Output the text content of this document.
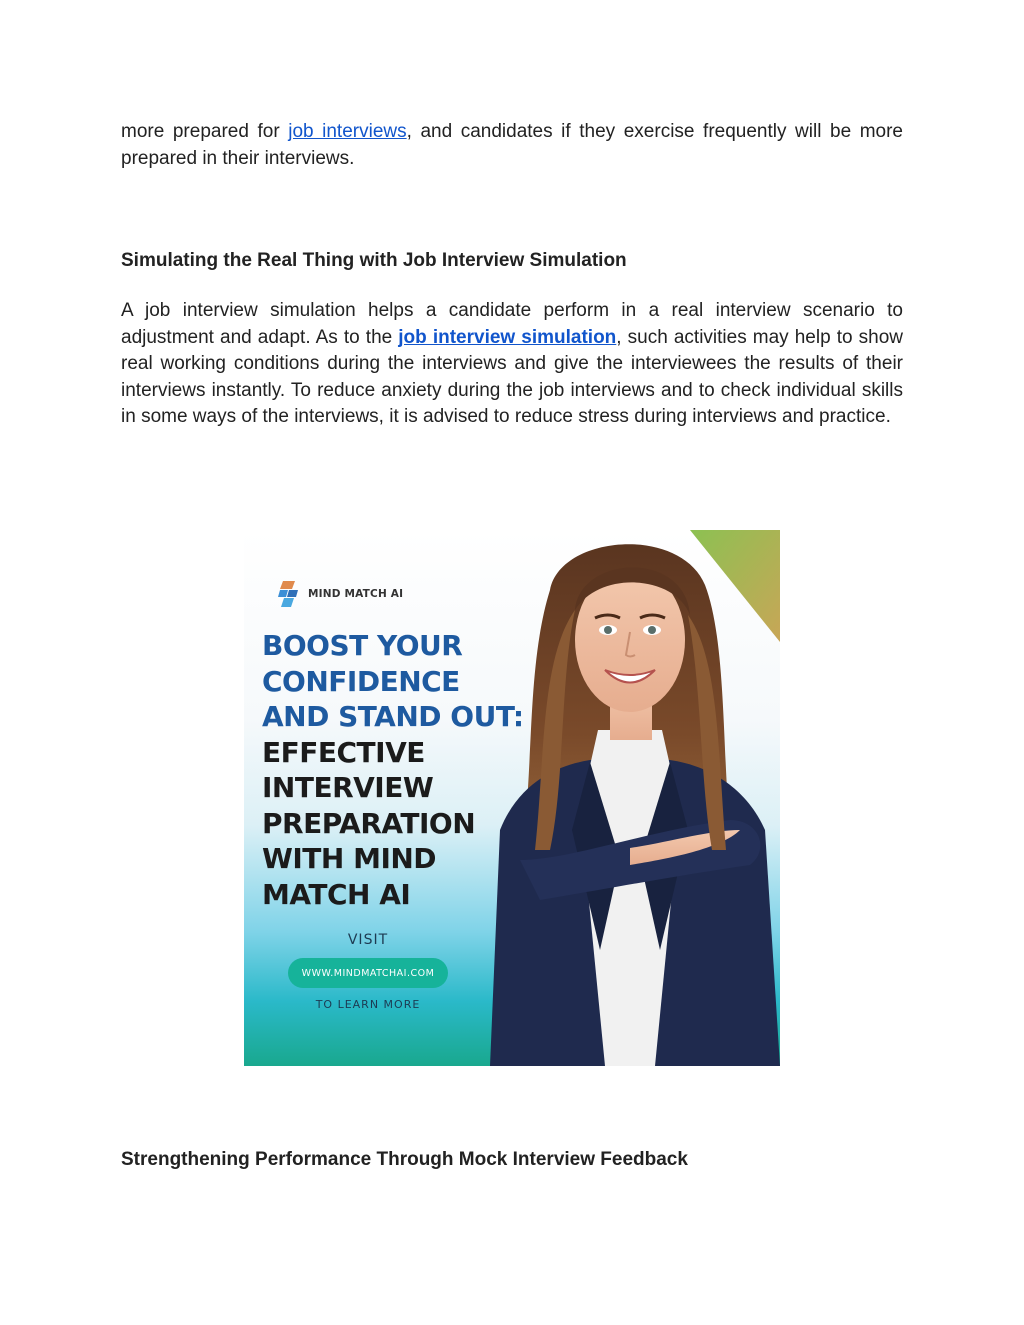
more prepared for job interviews, and candidates if they exercise frequently will be more prepared in their interviews.

Simulating the Real Thing with Job Interview Simulation

A job interview simulation helps a candidate perform in a real interview scenario to adjustment and adapt. As to the job interview simulation, such activities may help to show real working conditions during the interviews and give the interviewees the results of their interviews instantly. To reduce anxiety during the job interviews and to check individual skills in some ways of the interviews, it is advised to reduce stress during interviews and practice.

Strengthening Performance Through Mock Interview Feedback
MIND MATCH AI
BOOST YOUR
CONFIDENCE
AND STAND OUT:
EFFECTIVE
INTERVIEW
PREPARATION
WITH MIND
MATCH AI
VISIT
WWW.MINDMATCHAI.COM
TO LEARN MORE
